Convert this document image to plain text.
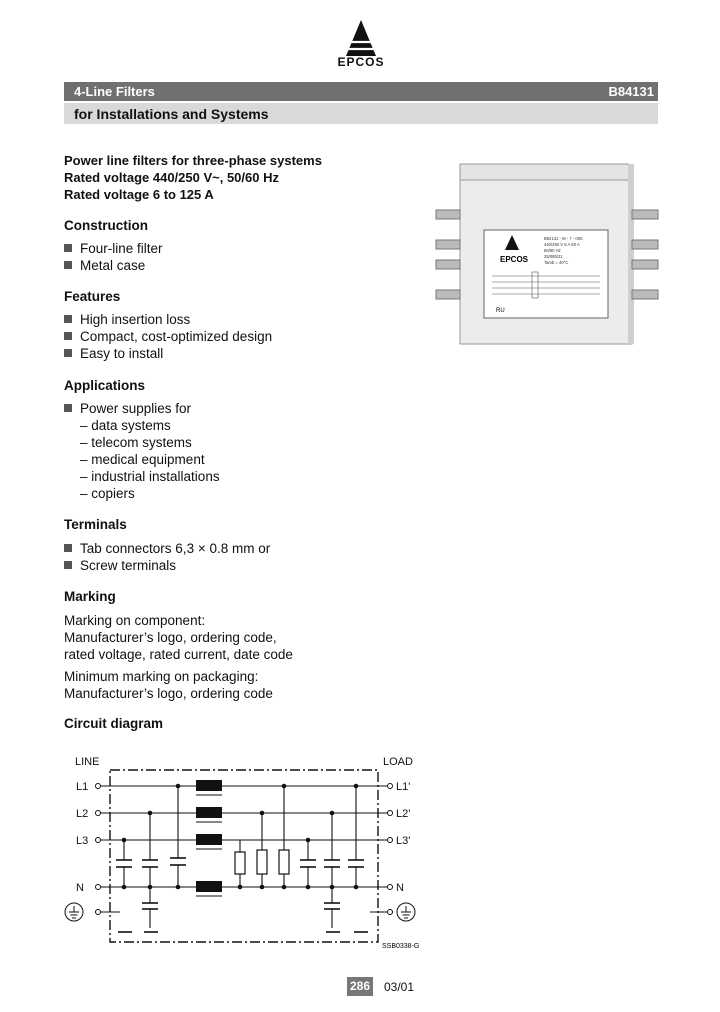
EPCOS
4-Line Filters	B84131
for Installations and Systems
Power line filters for three-phase systems
Rated voltage 440/250 V~, 50/60 Hz
Rated voltage 6 to 125 A
Construction
Four-line filter
Metal case
Features
High insertion loss
Compact, cost-optimized design
Easy to install
Applications
Power supplies for
– data systems
– telecom systems
– medical equipment
– industrial installations
– copiers
Terminals
Tab connectors 6,3 × 0.8 mm or
Screw terminals
Marking
Marking on component:
Manufacturer’s logo, ordering code,
rated voltage, rated current, date code
Minimum marking on packaging:
Manufacturer’s logo, ordering code
Circuit diagram
EPCOS
B84131 - M - 7 - 000
440/250 V 6 A 50 A
50/60 Hz
25/085/21
Tamb = 40°C
RU
LINE	LOAD
L1
L2
L3
N
L1'
L2'
L3'
N
SSB0338-G
286 03/01
